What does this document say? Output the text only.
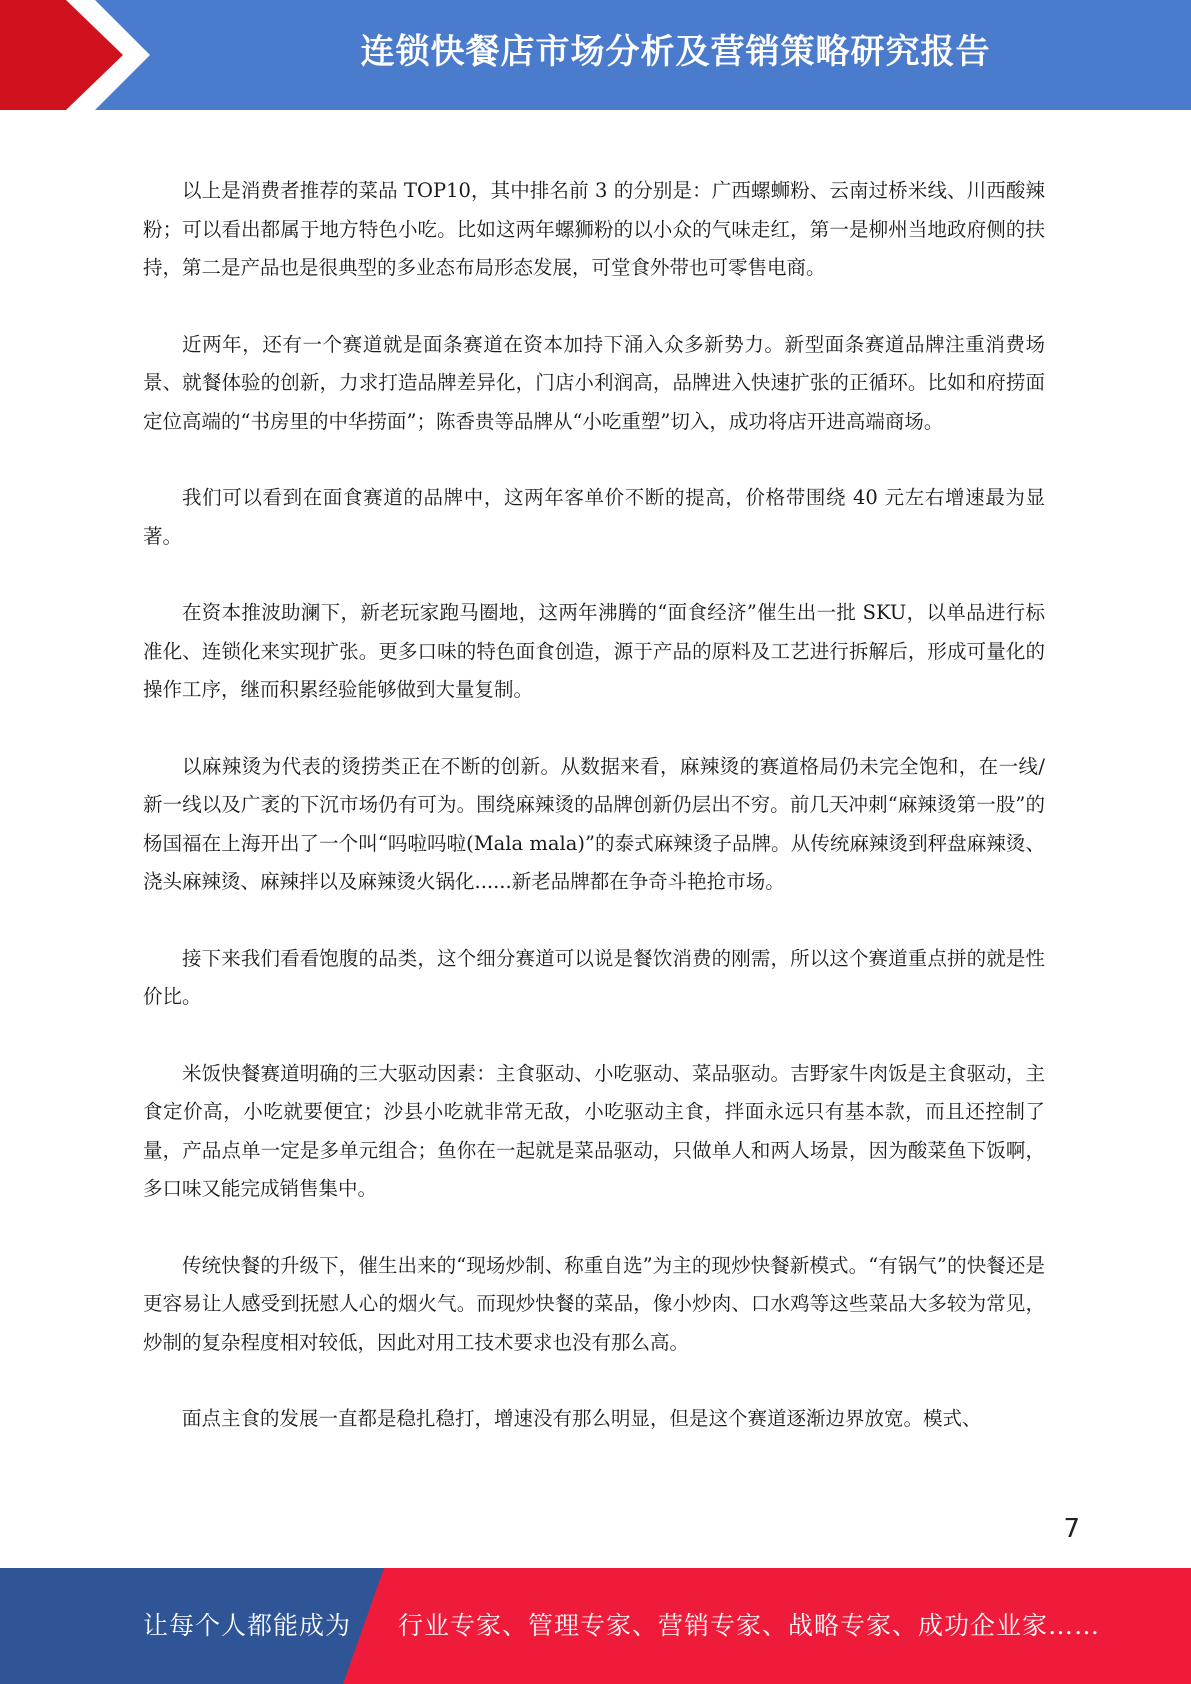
连锁快餐店市场分析及营销策略研究报告

以上是消费者推荐的菜品 TOP10，其中排名前 3 的分别是：广西螺蛳粉、云南过桥米线、川西酸辣粉；可以看出都属于地方特色小吃。比如这两年螺狮粉的以小众的气味走红，第一是柳州当地政府侧的扶持，第二是产品也是很典型的多业态布局形态发展，可堂食外带也可零售电商。

近两年，还有一个赛道就是面条赛道在资本加持下涌入众多新势力。新型面条赛道品牌注重消费场景、就餐体验的创新，力求打造品牌差异化，门店小利润高，品牌进入快速扩张的正循环。比如和府捞面定位高端的“书房里的中华捞面”；陈香贵等品牌从“小吃重塑”切入，成功将店开进高端商场。

我们可以看到在面食赛道的品牌中，这两年客单价不断的提高，价格带围绕 40 元左右增速最为显著。

在资本推波助澜下，新老玩家跑马圈地，这两年沸腾的“面食经济”催生出一批 SKU，以单品进行标准化、连锁化来实现扩张。更多口味的特色面食创造，源于产品的原料及工艺进行拆解后，形成可量化的操作工序，继而积累经验能够做到大量复制。

以麻辣烫为代表的烫捞类正在不断的创新。从数据来看，麻辣烫的赛道格局仍未完全饱和，在一线/新一线以及广袤的下沉市场仍有可为。围绕麻辣烫的品牌创新仍层出不穷。前几天冲刺“麻辣烫第一股”的杨国福在上海开出了一个叫“吗啦吗啦(Mala mala)”的泰式麻辣烫子品牌。从传统麻辣烫到秤盘麻辣烫、浇头麻辣烫、麻辣拌以及麻辣烫火锅化......新老品牌都在争奇斗艳抢市场。

接下来我们看看饱腹的品类，这个细分赛道可以说是餐饮消费的刚需，所以这个赛道重点拼的就是性价比。

米饭快餐赛道明确的三大驱动因素：主食驱动、小吃驱动、菜品驱动。吉野家牛肉饭是主食驱动，主食定价高，小吃就要便宜；沙县小吃就非常无敌，小吃驱动主食，拌面永远只有基本款，而且还控制了量，产品点单一定是多单元组合；鱼你在一起就是菜品驱动，只做单人和两人场景，因为酸菜鱼下饭啊，多口味又能完成销售集中。

传统快餐的升级下，催生出来的“现场炒制、称重自选”为主的现炒快餐新模式。“有锅气”的快餐还是更容易让人感受到抚慰人心的烟火气。而现炒快餐的菜品，像小炒肉、口水鸡等这些菜品大多较为常见，炒制的复杂程度相对较低，因此对用工技术要求也没有那么高。

面点主食的发展一直都是稳扎稳打，增速没有那么明显，但是这个赛道逐渐边界放宽。模式、

7
让每个人都能成为 行业专家、管理专家、营销专家、战略专家、成功企业家……
